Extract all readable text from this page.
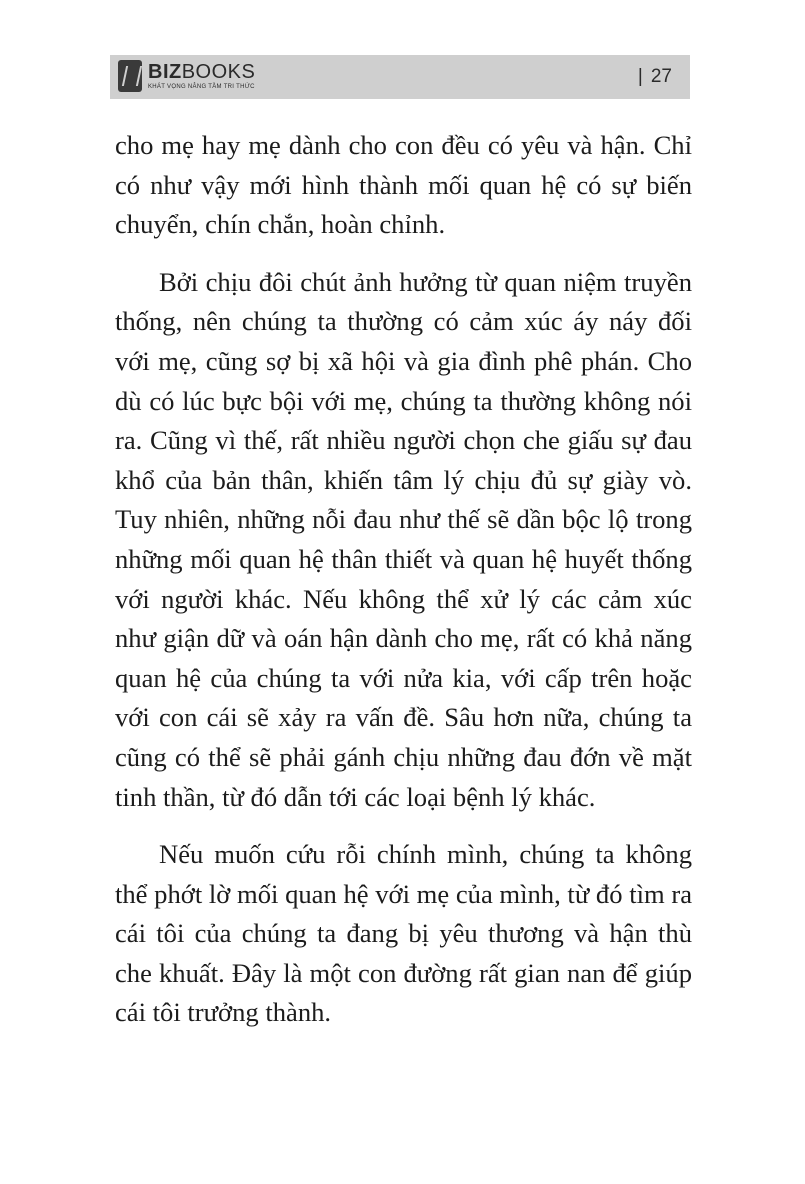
BIZBOOKS
KHÁT VỌNG NÂNG TẦM TRI THỨC	| 27

cho mẹ hay mẹ dành cho con đều có yêu và hận. Chỉ có như vậy mới hình thành mối quan hệ có sự biến chuyển, chín chắn, hoàn chỉnh.

Bởi chịu đôi chút ảnh hưởng từ quan niệm truyền thống, nên chúng ta thường có cảm xúc áy náy đối với mẹ, cũng sợ bị xã hội và gia đình phê phán. Cho dù có lúc bực bội với mẹ, chúng ta thường không nói ra. Cũng vì thế, rất nhiều người chọn che giấu sự đau khổ của bản thân, khiến tâm lý chịu đủ sự giày vò. Tuy nhiên, những nỗi đau như thế sẽ dần bộc lộ trong những mối quan hệ thân thiết và quan hệ huyết thống với người khác. Nếu không thể xử lý các cảm xúc như giận dữ và oán hận dành cho mẹ, rất có khả năng quan hệ của chúng ta với nửa kia, với cấp trên hoặc với con cái sẽ xảy ra vấn đề. Sâu hơn nữa, chúng ta cũng có thể sẽ phải gánh chịu những đau đớn về mặt tinh thần, từ đó dẫn tới các loại bệnh lý khác.

Nếu muốn cứu rỗi chính mình, chúng ta không thể phớt lờ mối quan hệ với mẹ của mình, từ đó tìm ra cái tôi của chúng ta đang bị yêu thương và hận thù che khuất. Đây là một con đường rất gian nan để giúp cái tôi trưởng thành.
